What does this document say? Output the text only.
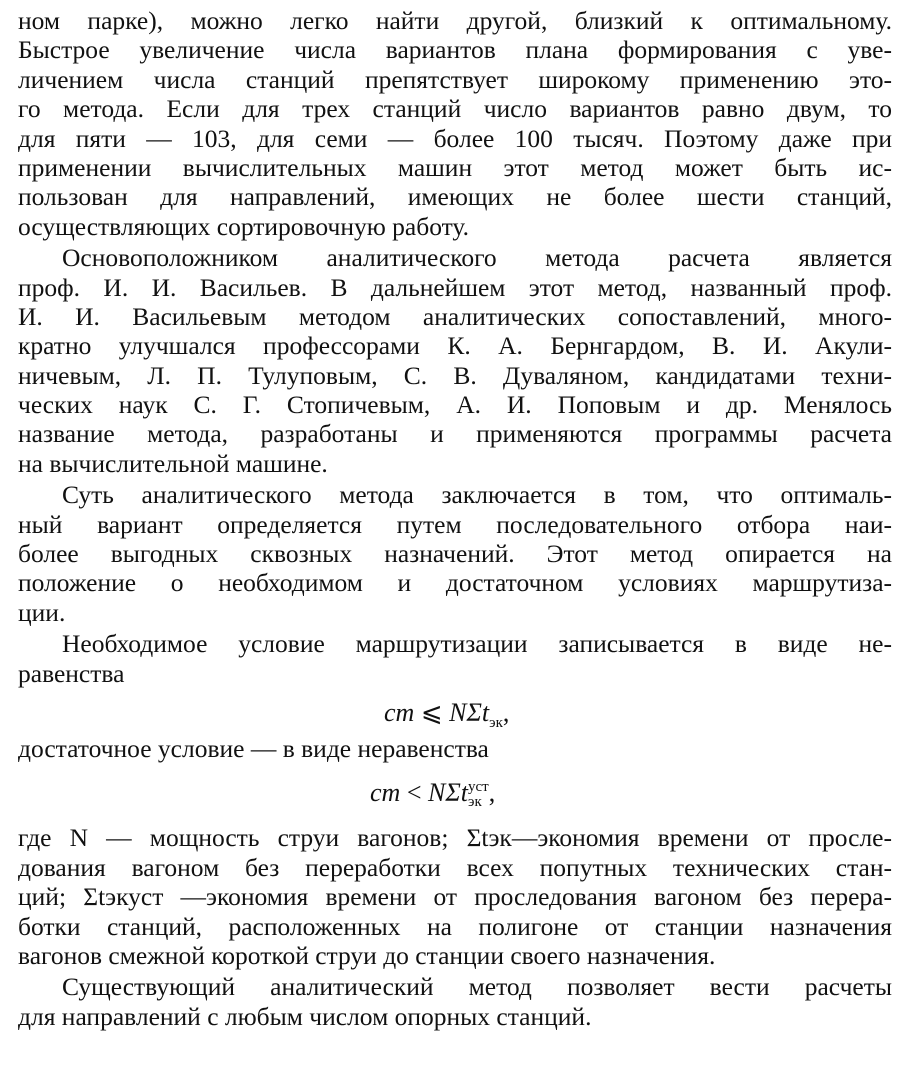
ном парке), можно легко найти другой, близкий к оптимальному.
Быстрое увеличение числа вариантов плана формирования с уве-
личением числа станций препятствует широкому применению это-
го метода. Если для трех станций число вариантов равно двум, то
для пяти — 103, для семи — более 100 тысяч. Поэтому даже при
применении вычислительных машин этот метод может быть ис-
пользован для направлений, имеющих не более шести станций,
осуществляющих сортировочную работу.
Основоположником аналитического метода расчета является
проф. И. И. Васильев. В дальнейшем этот метод, названный проф.
И. И. Васильевым методом аналитических сопоставлений, много-
кратно улучшался профессорами К. А. Бернгардом, В. И. Акули-
ничевым, Л. П. Тулуповым, С. В. Дуваляном, кандидатами техни-
ческих наук С. Г. Стопичевым, А. И. Поповым и др. Менялось
название метода, разработаны и применяются программы расчета
на вычислительной машине.
Суть аналитического метода заключается в том, что оптималь-
ный вариант определяется путем последовательного отбора наи-
более выгодных сквозных назначений. Этот метод опирается на
положение о необходимом и достаточном условиях маршрутиза-
ции.
Необходимое условие маршрутизации записывается в виде не-
равенства
cm ⩽ NΣt$_{эк}$,
достаточное условие — в виде неравенства
cm < NΣt уст
эк ,
где N — мощность струи вагонов; Σtэк—экономия времени от просле-
дования вагоном без переработки всех попутных технических стан-
ций; Σtэкуст —экономия времени от проследования вагоном без перера-
ботки станций, расположенных на полигоне от станции назначения
вагонов смежной короткой струи до станции своего назначения.
Существующий аналитический метод позволяет вести расчеты
для направлений с любым числом опорных станций.
